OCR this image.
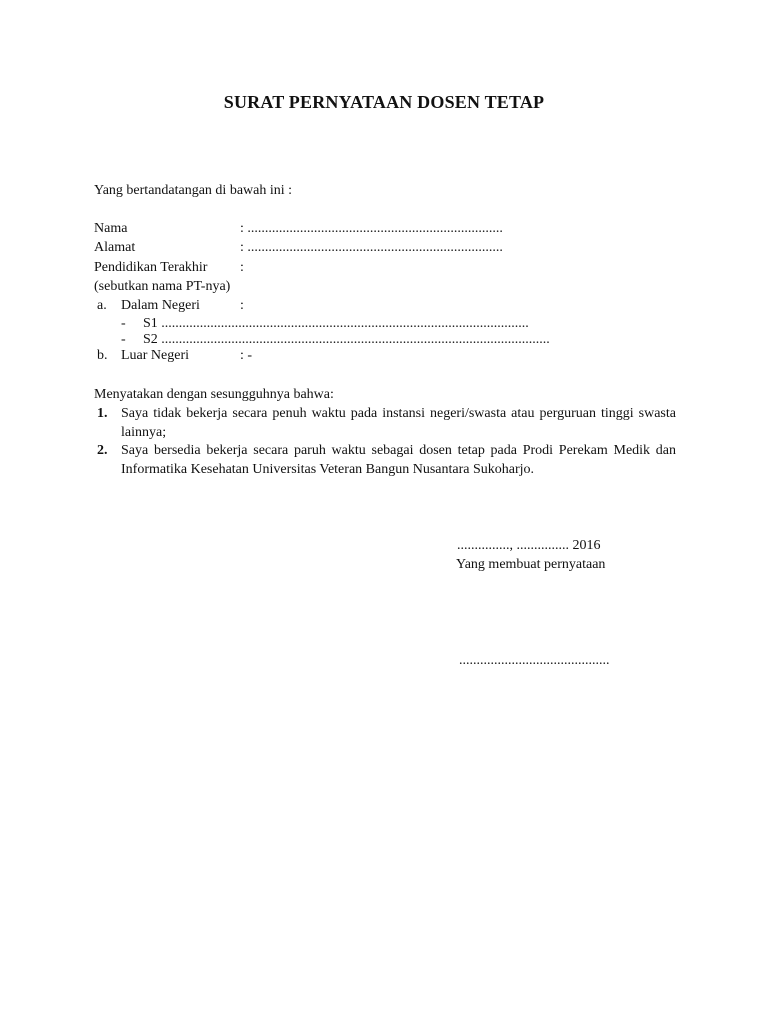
SURAT PERNYATAAN DOSEN TETAP
Yang bertandatangan di bawah ini :
Nama	: .........................................................................
Alamat	: .........................................................................
Pendidikan Terakhir :
(sebutkan nama PT-nya)
a. Dalam Negeri	:
- S1 .........................................................................................................
- S2 ...............................................................................................................
b. Luar Negeri	: -
Menyatakan dengan sesungguhnya bahwa:
1. Saya tidak bekerja secara penuh waktu pada instansi negeri/swasta atau perguruan tinggi swasta lainnya;
2. Saya bersedia bekerja secara paruh waktu sebagai dosen tetap pada Prodi Perekam Medik dan Informatika Kesehatan Universitas Veteran Bangun Nusantara Sukoharjo.
..............., ............... 2016
Yang membuat pernyataan
...........................................
